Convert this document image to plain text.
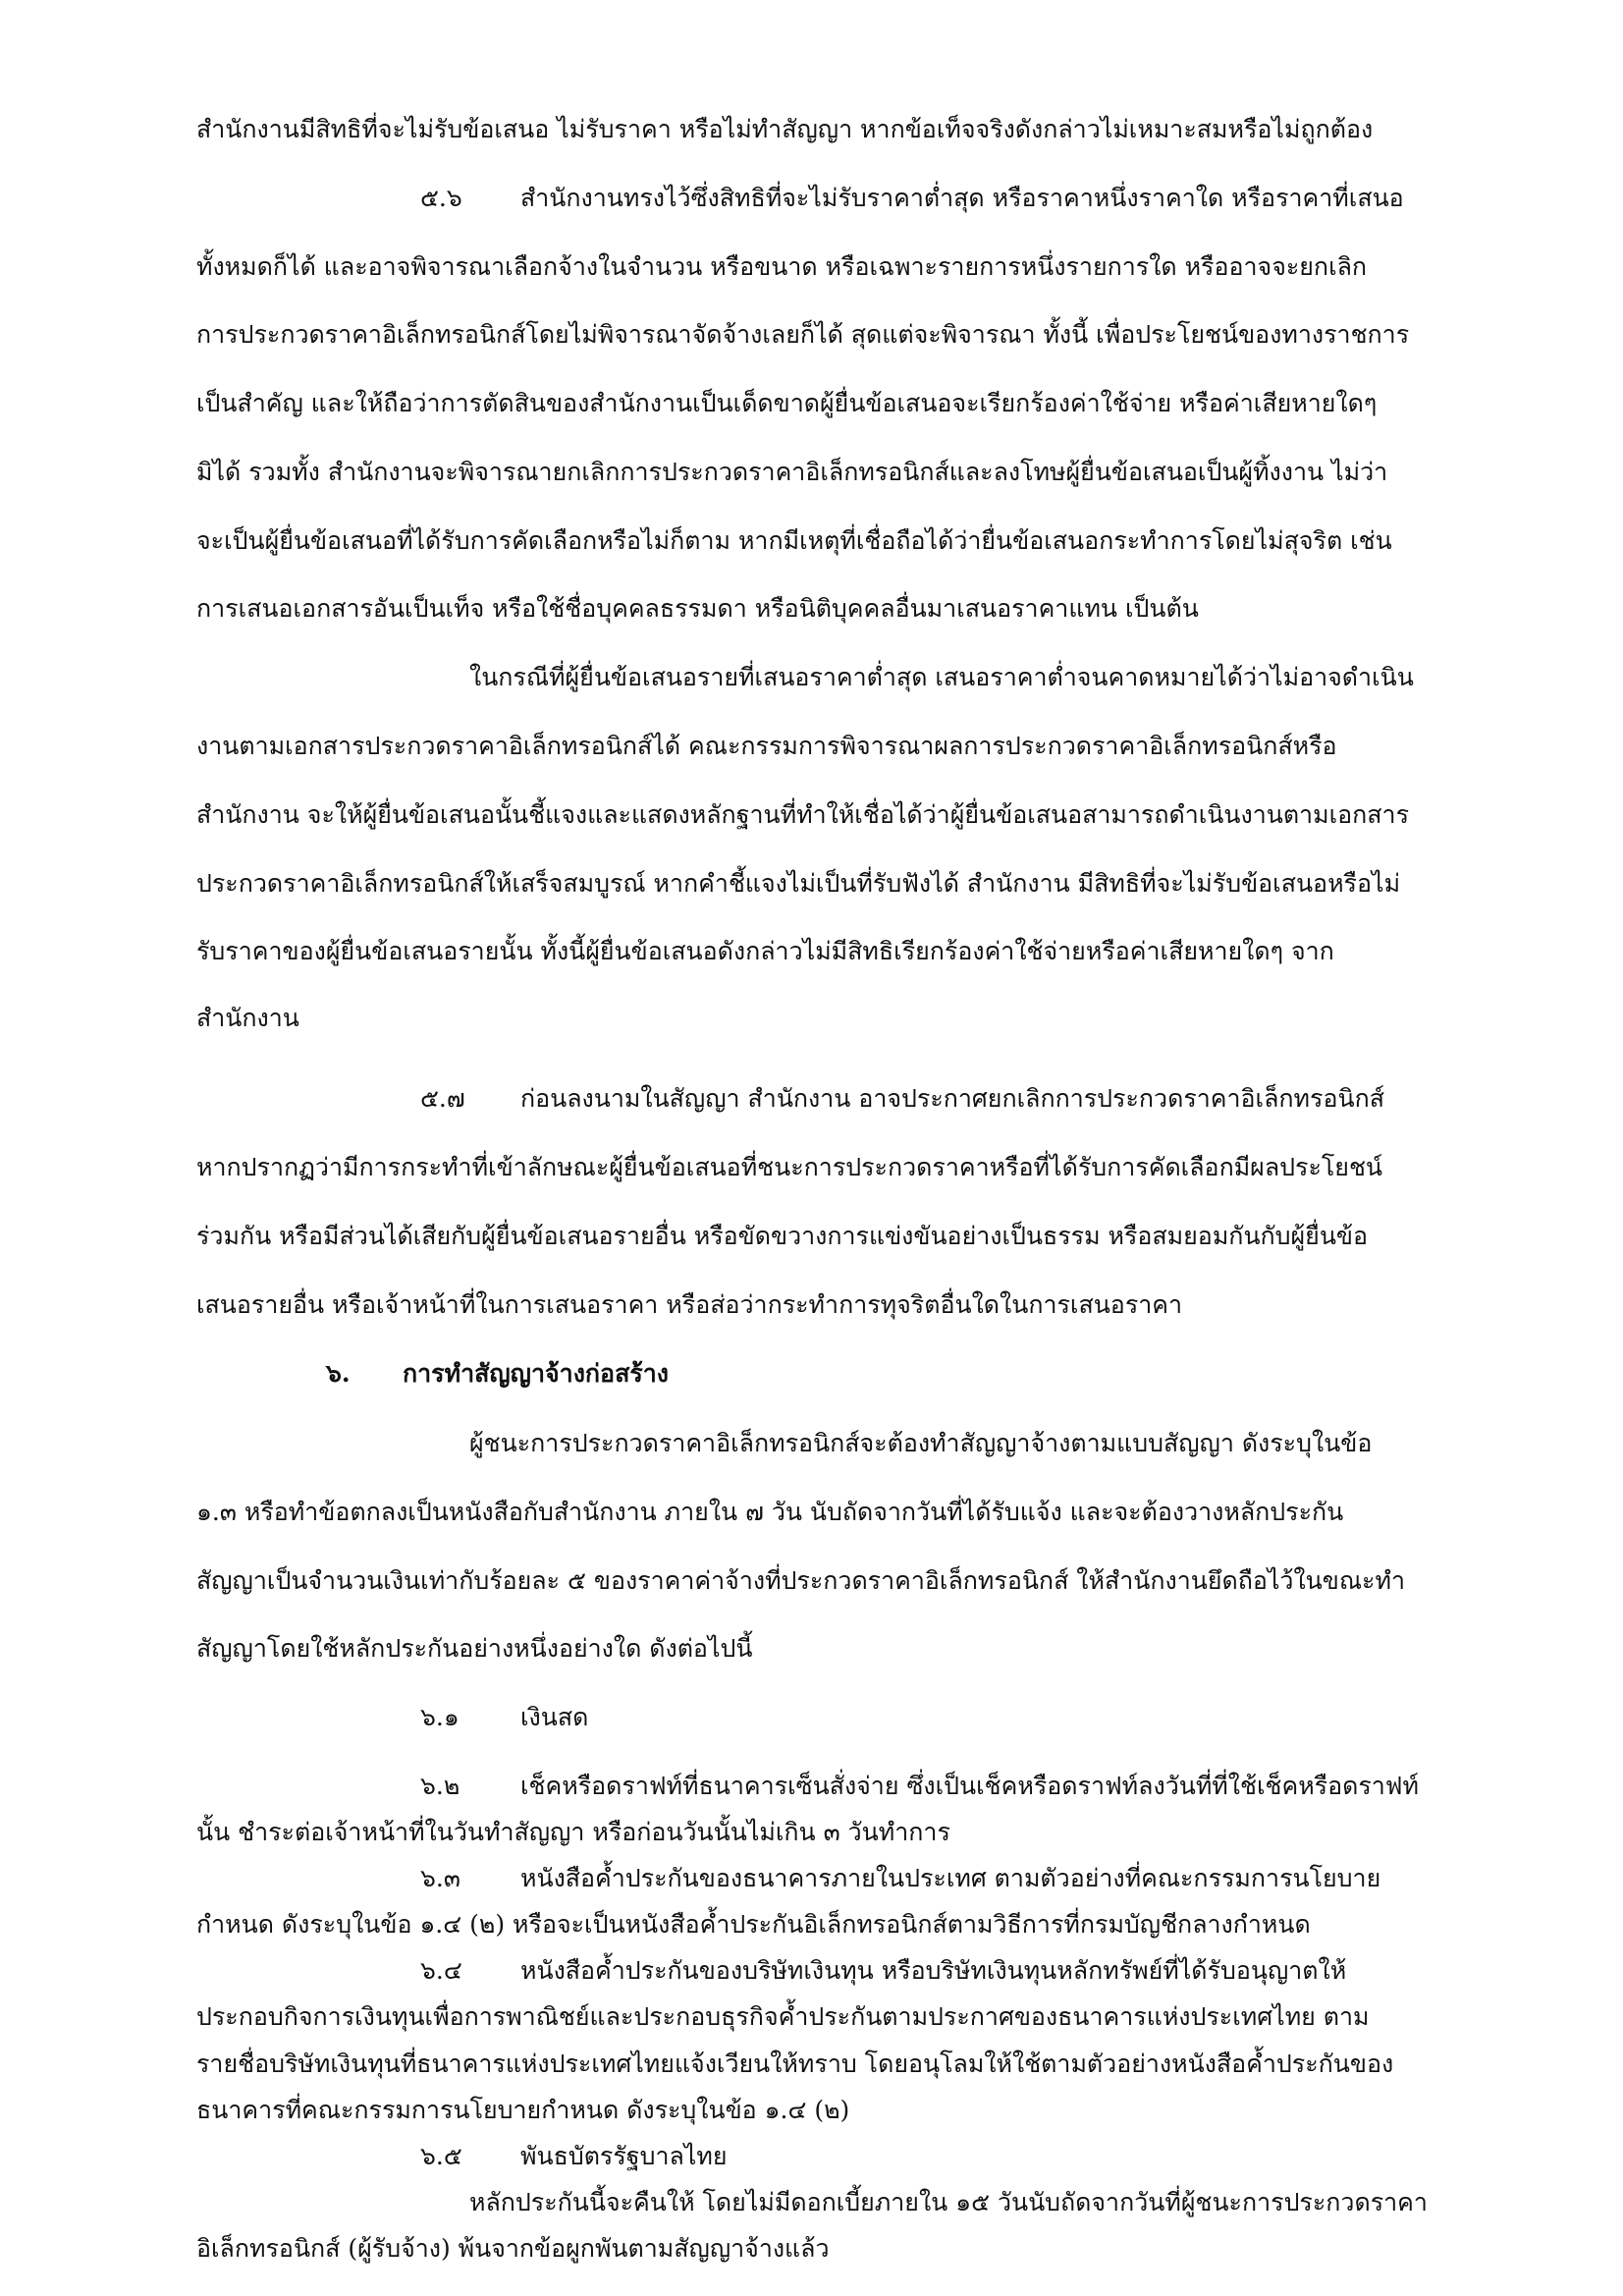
สำนักงานมีสิทธิที่จะไม่รับข้อเสนอ ไม่รับราคา หรือไม่ทำสัญญา หากข้อเท็จจริงดังกล่าวไม่เหมาะสมหรือไม่ถูกต้อง
๕.๖ สำนักงานทรงไว้ซึ่งสิทธิที่จะไม่รับราคาต่ำสุด หรือราคาหนึ่งราคาใด หรือราคาที่เสนอ
ทั้งหมดก็ได้ และอาจพิจารณาเลือกจ้างในจำนวน หรือขนาด หรือเฉพาะรายการหนึ่งรายการใด หรืออาจจะยกเลิก
การประกวดราคาอิเล็กทรอนิกส์โดยไม่พิจารณาจัดจ้างเลยก็ได้ สุดแต่จะพิจารณา ทั้งนี้ เพื่อประโยชน์ของทางราชการ
เป็นสำคัญ และให้ถือว่าการตัดสินของสำนักงานเป็นเด็ดขาดผู้ยื่นข้อเสนอจะเรียกร้องค่าใช้จ่าย หรือค่าเสียหายใดๆ
มิได้ รวมทั้ง สำนักงานจะพิจารณายกเลิกการประกวดราคาอิเล็กทรอนิกส์และลงโทษผู้ยื่นข้อเสนอเป็นผู้ทิ้งงาน ไม่ว่า
จะเป็นผู้ยื่นข้อเสนอที่ได้รับการคัดเลือกหรือไม่ก็ตาม หากมีเหตุที่เชื่อถือได้ว่ายื่นข้อเสนอกระทำการโดยไม่สุจริต เช่น
การเสนอเอกสารอันเป็นเท็จ หรือใช้ชื่อบุคคลธรรมดา หรือนิติบุคคลอื่นมาเสนอราคาแทน เป็นต้น
ในกรณีที่ผู้ยื่นข้อเสนอรายที่เสนอราคาต่ำสุด เสนอราคาต่ำจนคาดหมายได้ว่าไม่อาจดำเนิน
งานตามเอกสารประกวดราคาอิเล็กทรอนิกส์ได้ คณะกรรมการพิจารณาผลการประกวดราคาอิเล็กทรอนิกส์หรือ
สำนักงาน จะให้ผู้ยื่นข้อเสนอนั้นชี้แจงและแสดงหลักฐานที่ทำให้เชื่อได้ว่าผู้ยื่นข้อเสนอสามารถดำเนินงานตามเอกสาร
ประกวดราคาอิเล็กทรอนิกส์ให้เสร็จสมบูรณ์ หากคำชี้แจงไม่เป็นที่รับฟังได้ สำนักงาน มีสิทธิที่จะไม่รับข้อเสนอหรือไม่
รับราคาของผู้ยื่นข้อเสนอรายนั้น ทั้งนี้ผู้ยื่นข้อเสนอดังกล่าวไม่มีสิทธิเรียกร้องค่าใช้จ่ายหรือค่าเสียหายใดๆ จาก
สำนักงาน
๕.๗ ก่อนลงนามในสัญญา สำนักงาน อาจประกาศยกเลิกการประกวดราคาอิเล็กทรอนิกส์
หากปรากฏว่ามีการกระทำที่เข้าลักษณะผู้ยื่นข้อเสนอที่ชนะการประกวดราคาหรือที่ได้รับการคัดเลือกมีผลประโยชน์
ร่วมกัน หรือมีส่วนได้เสียกับผู้ยื่นข้อเสนอรายอื่น หรือขัดขวางการแข่งขันอย่างเป็นธรรม หรือสมยอมกันกับผู้ยื่นข้อ
เสนอรายอื่น หรือเจ้าหน้าที่ในการเสนอราคา หรือส่อว่ากระทำการทุจริตอื่นใดในการเสนอราคา
๖. การทำสัญญาจ้างก่อสร้าง
ผู้ชนะการประกวดราคาอิเล็กทรอนิกส์จะต้องทำสัญญาจ้างตามแบบสัญญา ดังระบุในข้อ
๑.๓ หรือทำข้อตกลงเป็นหนังสือกับสำนักงาน ภายใน ๗ วัน นับถัดจากวันที่ได้รับแจ้ง และจะต้องวางหลักประกัน
สัญญาเป็นจำนวนเงินเท่ากับร้อยละ ๕ ของราคาค่าจ้างที่ประกวดราคาอิเล็กทรอนิกส์ ให้สำนักงานยึดถือไว้ในขณะทำ
สัญญาโดยใช้หลักประกันอย่างหนึ่งอย่างใด ดังต่อไปนี้
๖.๑ เงินสด
๖.๒ เช็คหรือดราฟท์ที่ธนาคารเซ็นสั่งจ่าย ซึ่งเป็นเช็คหรือดราฟท์ลงวันที่ที่ใช้เช็คหรือดราฟท์
นั้น ชำระต่อเจ้าหน้าที่ในวันทำสัญญา หรือก่อนวันนั้นไม่เกิน ๓ วันทำการ
๖.๓ หนังสือค้ำประกันของธนาคารภายในประเทศ ตามตัวอย่างที่คณะกรรมการนโยบาย
กำหนด ดังระบุในข้อ ๑.๔ (๒) หรือจะเป็นหนังสือค้ำประกันอิเล็กทรอนิกส์ตามวิธีการที่กรมบัญชีกลางกำหนด
๖.๔ หนังสือค้ำประกันของบริษัทเงินทุน หรือบริษัทเงินทุนหลักทรัพย์ที่ได้รับอนุญาตให้
ประกอบกิจการเงินทุนเพื่อการพาณิชย์และประกอบธุรกิจค้ำประกันตามประกาศของธนาคารแห่งประเทศไทย ตาม
รายชื่อบริษัทเงินทุนที่ธนาคารแห่งประเทศไทยแจ้งเวียนให้ทราบ โดยอนุโลมให้ใช้ตามตัวอย่างหนังสือค้ำประกันของ
ธนาคารที่คณะกรรมการนโยบายกำหนด ดังระบุในข้อ ๑.๔ (๒)
๖.๕ พันธบัตรรัฐบาลไทย
หลักประกันนี้จะคืนให้ โดยไม่มีดอกเบี้ยภายใน ๑๕ วันนับถัดจากวันที่ผู้ชนะการประกวดราคา
อิเล็กทรอนิกส์ (ผู้รับจ้าง) พ้นจากข้อผูกพันตามสัญญาจ้างแล้ว
